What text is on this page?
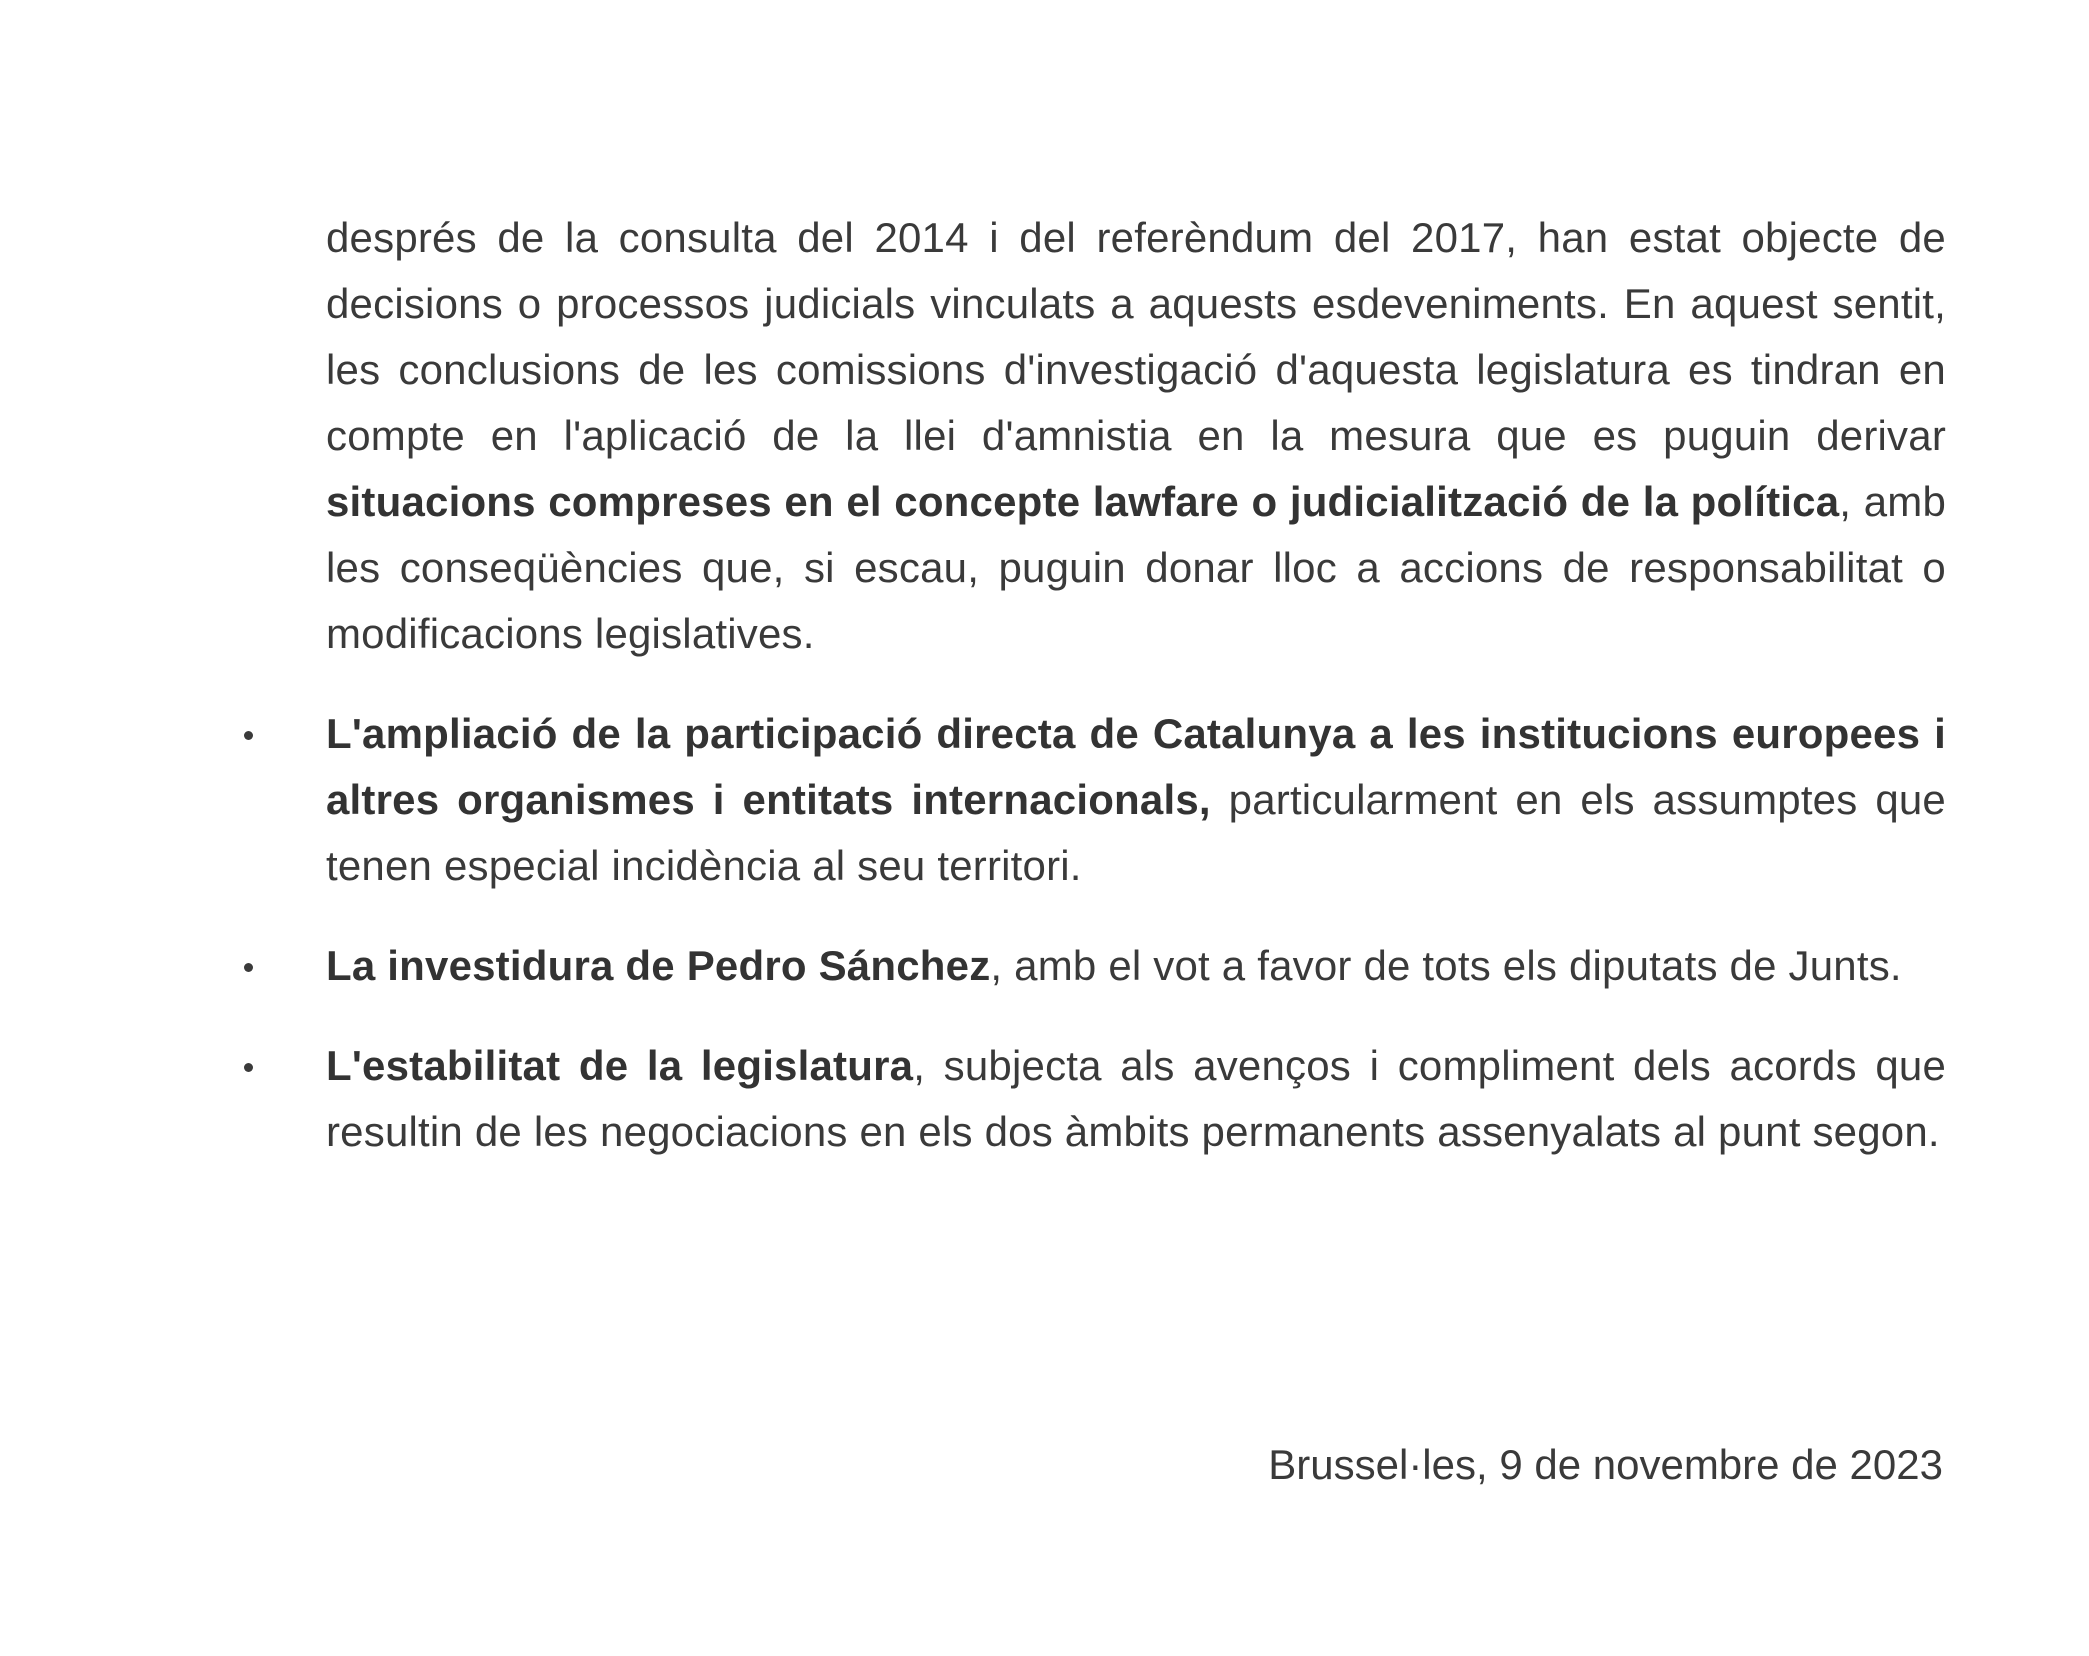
després de la consulta del 2014 i del referèndum del 2017, han estat objecte de decisions o processos judicials vinculats a aquests esdeveniments. En aquest sentit, les conclusions de les comissions d'investigació d'aquesta legislatura es tindran en compte en l'aplicació de la llei d'amnistia en la mesura que es puguin derivar situacions compreses en el concepte lawfare o judicialització de la política, amb les conseqüències que, si escau, puguin donar lloc a accions de responsabilitat o modificacions legislatives.

L'ampliació de la participació directa de Catalunya a les institucions europees i altres organismes i entitats internacionals, particularment en els assumptes que tenen especial incidència al seu territori.
La investidura de Pedro Sánchez, amb el vot a favor de tots els diputats de Junts.
L'estabilitat de la legislatura, subjecta als avenços i compliment dels acords que resultin de les negociacions en els dos àmbits permanents assenyalats al punt segon.
Brussel·les, 9 de novembre de 2023
